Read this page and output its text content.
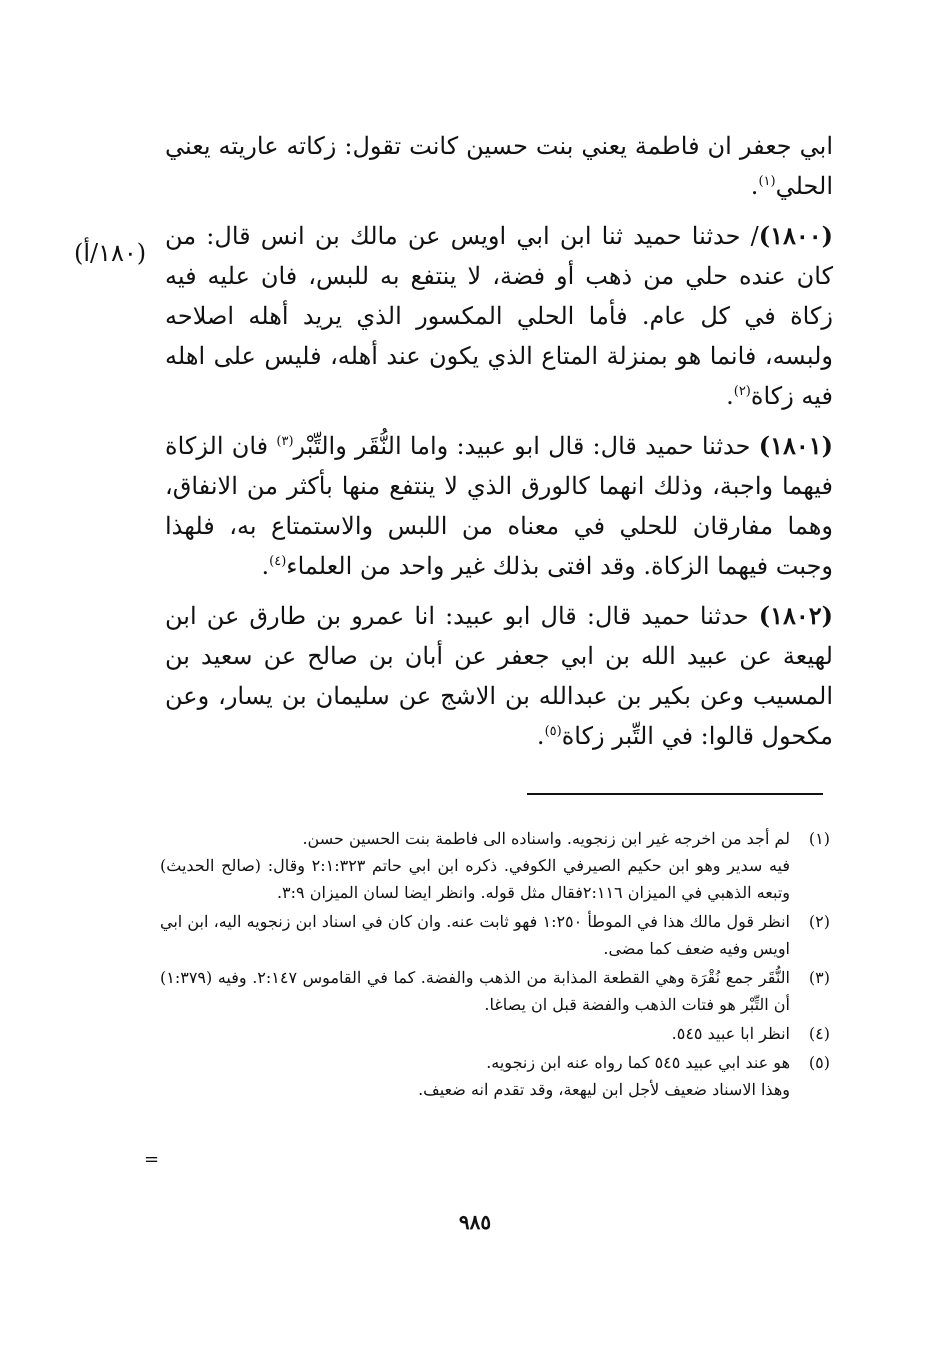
ابي جعفر ان فاطمة يعني بنت حسين كانت تقول: زكاته عاريته يعني الحلي$^{(١)}$.

(١٨٠٠)/ حدثنا حميد ثنا ابن ابي اويس عن مالك بن انس قال: من كان عنده حلي من ذهب أو فضة، لا ينتفع به للبس، فان عليه فيه زكاة في كل عام. فأما الحلي المكسور الذي يريد أهله اصلاحه ولبسه، فانما هو بمنزلة المتاع الذي يكون عند أهله، فليس على اهله فيه زكاة$^{(٢)}$.

(١٨٠١) حدثنا حميد قال: قال ابو عبيد: واما النُّقَر والتِّبْر$^{(٣)}$ فان الزكاة فيهما واجبة، وذلك انهما كالورق الذي لا ينتفع منها بأكثر من الانفاق، وهما مفارقان للحلي في معناه من اللبس والاستمتاع به، فلهذا وجبت فيهما الزكاة. وقد افتى بذلك غير واحد من العلماء$^{(٤)}$.

(١٨٠٢) حدثنا حميد قال: قال ابو عبيد: انا عمرو بن طارق عن ابن لهيعة عن عبيد الله بن ابي جعفر عن أبان بن صالح عن سعيد بن المسيب وعن بكير بن عبدالله بن الاشج عن سليمان بن يسار، وعن مكحول قالوا: في التِّبر زكاة$^{(٥)}$.

(١٨٠/أ)
(١)
لم أجد من اخرجه غير ابن زنجويه. واسناده الى فاطمة بنت الحسين حسن.
فيه سدير وهو ابن حكيم الصيرفي الكوفي. ذكره ابن ابي حاتم ٢:١:٣٢٣ وقال: (صالح الحديث) وتبعه الذهبي في الميزان ٢:١١٦فقال مثل قوله. وانظر ايضا لسان الميزان ٣:٩.
(٢)
انظر قول مالك هذا في الموطأ ١:٢٥٠ فهو ثابت عنه. وان كان في اسناد ابن زنجويه اليه، ابن ابي اويس وفيه ضعف كما مضى.
(٣)
النُّقَر جمع نُقْرَة وهي القطعة المذابة من الذهب والفضة. كما في القاموس ٢:١٤٧. وفيه (١:٣٧٩) أن التِّبْر هو فتات الذهب والفضة قبل ان يصاغا.
(٤)
انظر ابا عبيد ٥٤٥.
(٥)
هو عند ابي عبيد ٥٤٥ كما رواه عنه ابن زنجويه.
وهذا الاسناد ضعيف لأجل ابن ليهعة، وقد تقدم انه ضعيف.
=
٩٨٥
